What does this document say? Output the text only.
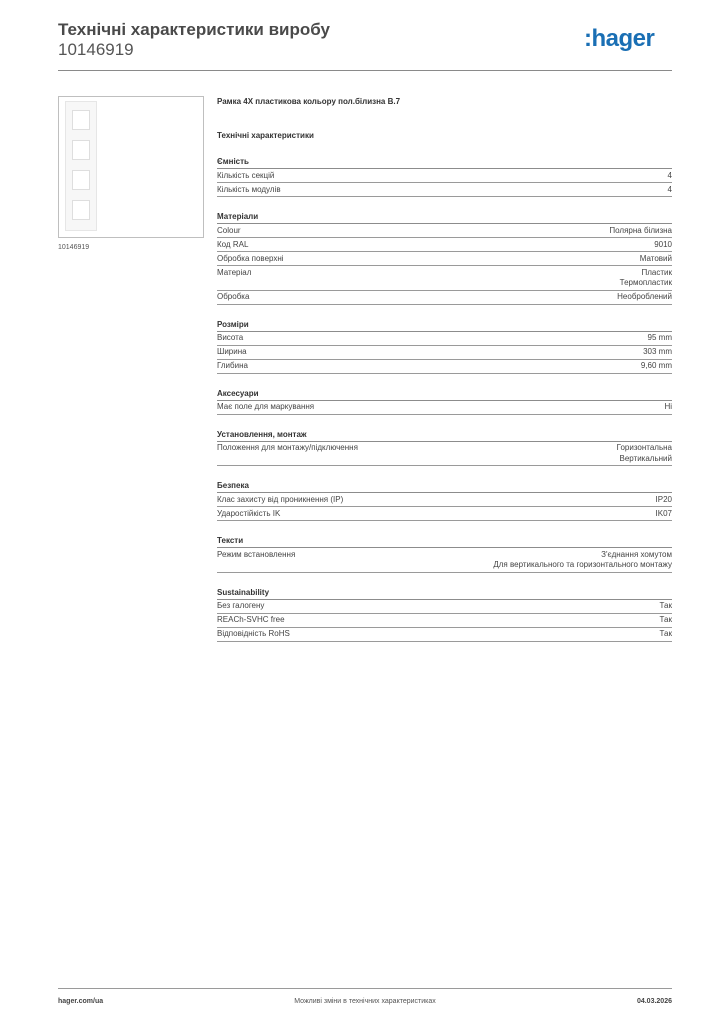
Технічні характеристики виробу
10146919	:hager
10146919
Рамка 4X пластикова кольору пол.білизна B.7
Технічні характеристики
Ємність
Кількість секцій	4
Кількість модулів	4
Матеріали
Colour	Полярна білизна
Код RAL	9010
Обробка поверхні	Матовий
Матеріал	Пластик
Термопластик
Обробка	Необроблений
Розміри
Висота	95 mm
Ширина	303 mm
Глибина	9,60 mm
Аксесуари
Має поле для маркування	Ні
Установлення, монтаж
Положення для монтажу/підключення	Горизонтальна
Вертикальний
Безпека
Клас захисту від проникнення (IP)	IP20
Ударостійкість IK	IK07
Тексти
Режим встановлення	З'єднання хомутом
Для вертикального та горизонтального монтажу
Sustainability
Без галогену	Так
REACh-SVHC free	Так
Відповідність RoHS	Так
hager.com/ua	Можливі зміни в технічних характеристиках	04.03.2026
